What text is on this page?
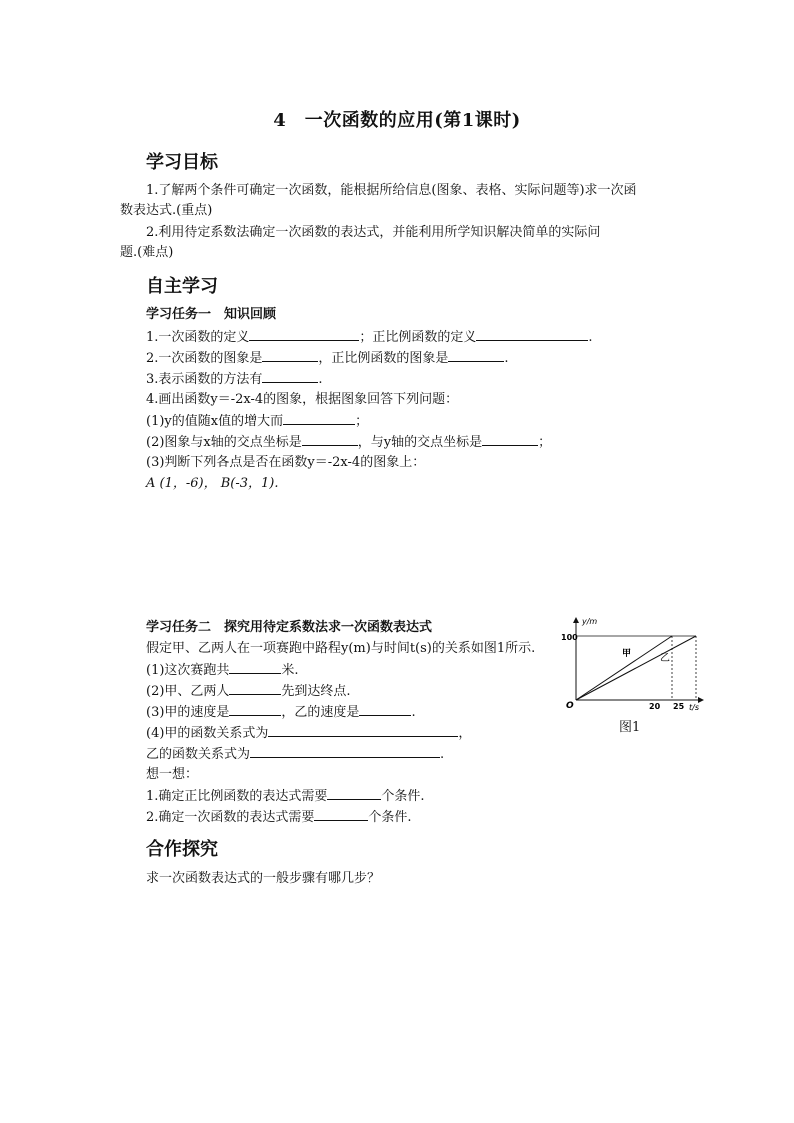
4　一次函数的应用(第1课时)
学习目标
1.了解两个条件可确定一次函数，能根据所给信息(图象、表格、实际问题等)求一次函
数表达式.(重点)
2.利用待定系数法确定一次函数的表达式，并能利用所学知识解决简单的实际问
题.(难点)
自主学习
学习任务一　知识回顾
1.一次函数的定义	；正比例函数的定义	.
2.一次函数的图象是	，正比例函数的图象是	.
3.表示函数的方法有	.
4.画出函数y＝-2x-4的图象，根据图象回答下列问题：
(1)y的值随x值的增大而	；
(2)图象与x轴的交点坐标是	，与y轴的交点坐标是	；
(3)判断下列各点是否在函数y＝-2x-4的图象上：
A (1，-6)， B(-3，1).
学习任务二　探究用待定系数法求一次函数表达式
假定甲、乙两人在一项赛跑中路程y(m)与时间t(s)的关系如图1所示.
(1)这次赛跑共	米.
(2)甲、乙两人	先到达终点.
(3)甲的速度是	，乙的速度是	.
(4)甲的函数关系式为	，
乙的函数关系式为	.
想一想：
1.确定正比例函数的表达式需要	个条件.
2.确定一次函数的表达式需要	个条件.
合作探究
求一次函数表达式的一般步骤有哪几步？
y/m
t/s
O
100
20 25
甲	乙
图1
